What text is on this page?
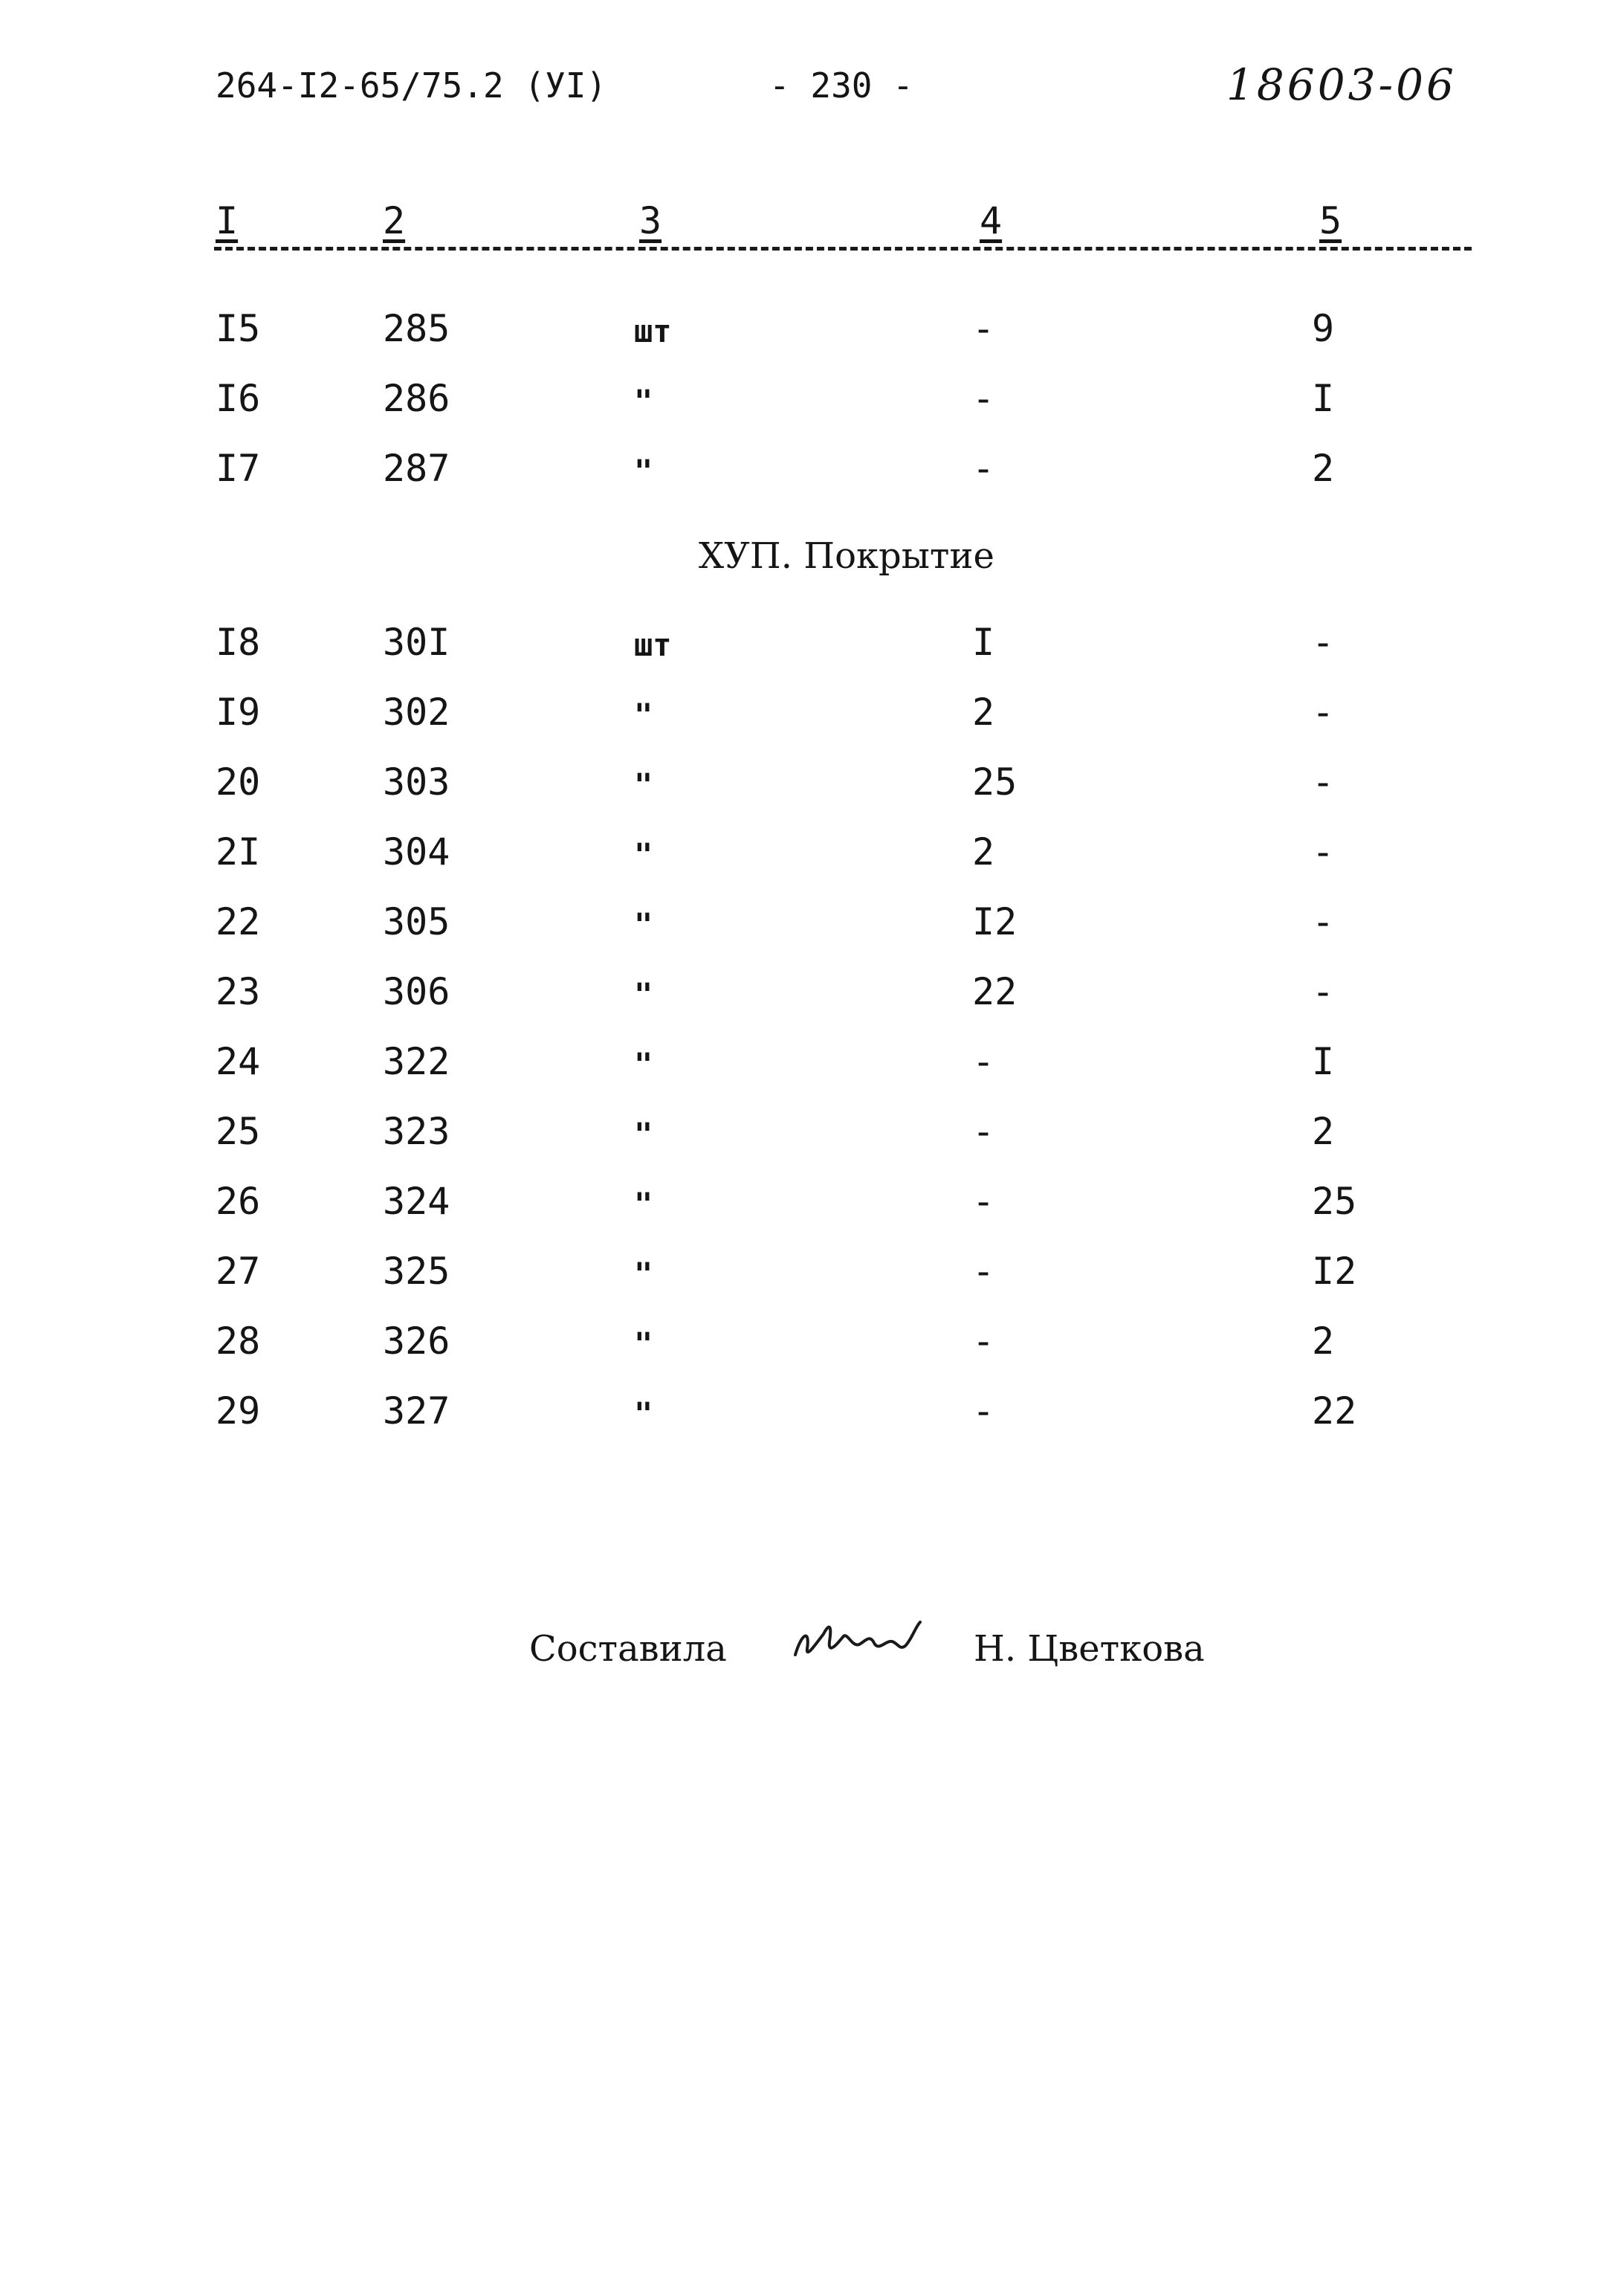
264-I2-65/75.2 (УI)	- 230 -	18603-06
I	2	3	4	5
I5	285	шт	-	9
I6	286	"	-	I
I7	287	"	-	2
ХУП. Покрытие
I8	30I	шт	I	-
I9	302	"	2	-
20	303	"	25	-
2I	304	"	2	-
22	305	"	I2	-
23	306	"	22	-
24	322	"	-	I
25	323	"	-	2
26	324	"	-	25
27	325	"	-	I2
28	326	"	-	2
29	327	"	-	22
Составила	Н. Цветкова
